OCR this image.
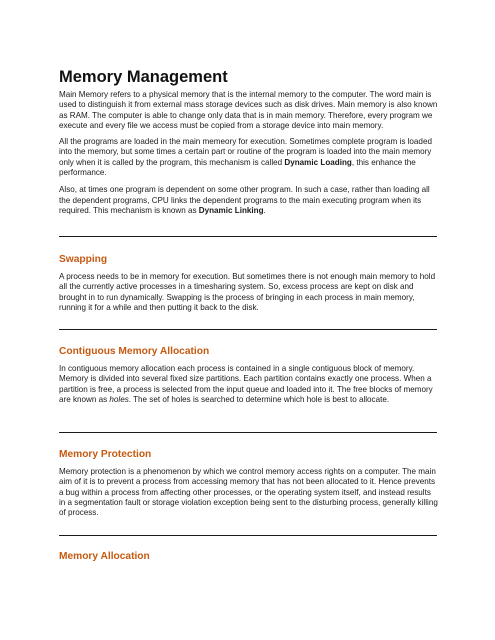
Memory Management

Main Memory refers to a physical memory that is the internal memory to the computer. The word main is used to distinguish it from external mass storage devices such as disk drives. Main memory is also known as RAM. The computer is able to change only data that is in main memory. Therefore, every program we execute and every file we access must be copied from a storage device into main memory.

All the programs are loaded in the main memeory for execution. Sometimes complete program is loaded into the memory, but some times a certain part or routine of the program is loaded into the main memory only when it is called by the program, this mechanism is called Dynamic Loading, this enhance the performance.

Also, at times one program is dependent on some other program. In such a case, rather than loading all the dependent programs, CPU links the dependent programs to the main executing program when its required. This mechanism is known as Dynamic Linking.

Swapping

A process needs to be in memory for execution. But sometimes there is not enough main memory to hold all the currently active processes in a timesharing system. So, excess process are kept on disk and brought in to run dynamically. Swapping is the process of bringing in each process in main memory, running it for a while and then putting it back to the disk.

Contiguous Memory Allocation

In contiguous memory allocation each process is contained in a single contiguous block of memory. Memory is divided into several fixed size partitions. Each partition contains exactly one process. When a partition is free, a process is selected from the input queue and loaded into it. The free blocks of memory are known as holes. The set of holes is searched to determine which hole is best to allocate.

Memory Protection

Memory protection is a phenomenon by which we control memory access rights on a computer. The main aim of it is to prevent a process from accessing memory that has not been allocated to it. Hence prevents a bug within a process from affecting other processes, or the operating system itself, and instead results in a segmentation fault or storage violation exception being sent to the disturbing process, generally killing of process.

Memory Allocation
